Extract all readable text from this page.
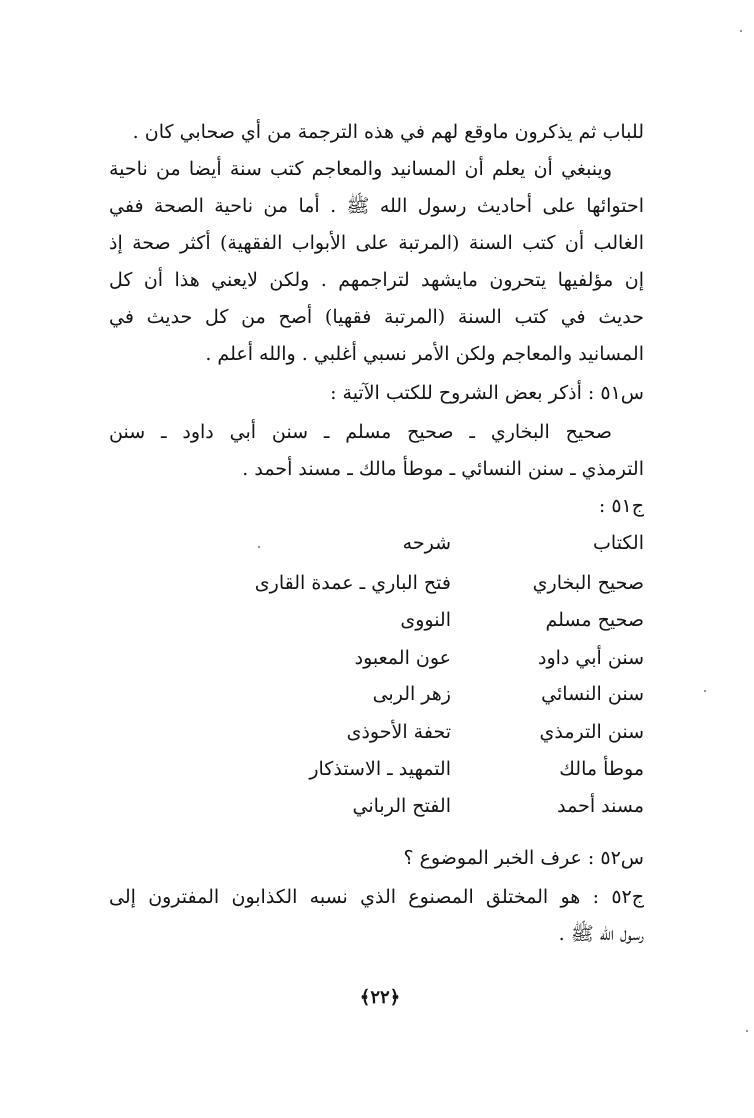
للباب ثم يذكرون ماوقع لهم في هذه الترجمة من أي صحابي كان .
وينبغي أن يعلم أن المسانيد والمعاجم كتب سنة أيضا من ناحية
احتوائها على أحاديث رسول الله ﷺ . أما من ناحية الصحة ففي
الغالب أن كتب السنة (المرتبة على الأبواب الفقهية) أكثر صحة إذ
إن مؤلفيها يتحرون مايشهد لتراجمهم . ولكن لايعني هذا أن كل
حديث في كتب السنة (المرتبة فقهيا) أصح من كل حديث في
المسانيد والمعاجم ولكن الأمر نسبي أغلبي . والله أعلم .
س٥١ : أذكر بعض الشروح للكتب الآتية :
صحيح البخاري ـ صحيح مسلم ـ سنن أبي داود ـ سنن
الترمذي ـ سنن النسائي ـ موطأ مالك ـ مسند أحمد .
ج٥١ :
الكتاب
شرحه
صحيح البخاري
فتح الباري ـ عمدة القارى
صحيح مسلم
النووى
سنن أبي داود
عون المعبود
سنن النسائي
زهر الربى
سنن الترمذي
تحفة الأحوذى
موطأ مالك
التمهيد ـ الاستذكار
مسند أحمد
الفتح الرباني
س٥٢ : عرف الخبر الموضوع ؟
ج٥٢ : هو المختلق المصنوع الذي نسبه الكذابون المفترون إلى
رسول الله ﷺ .
﴿٢٢﴾
